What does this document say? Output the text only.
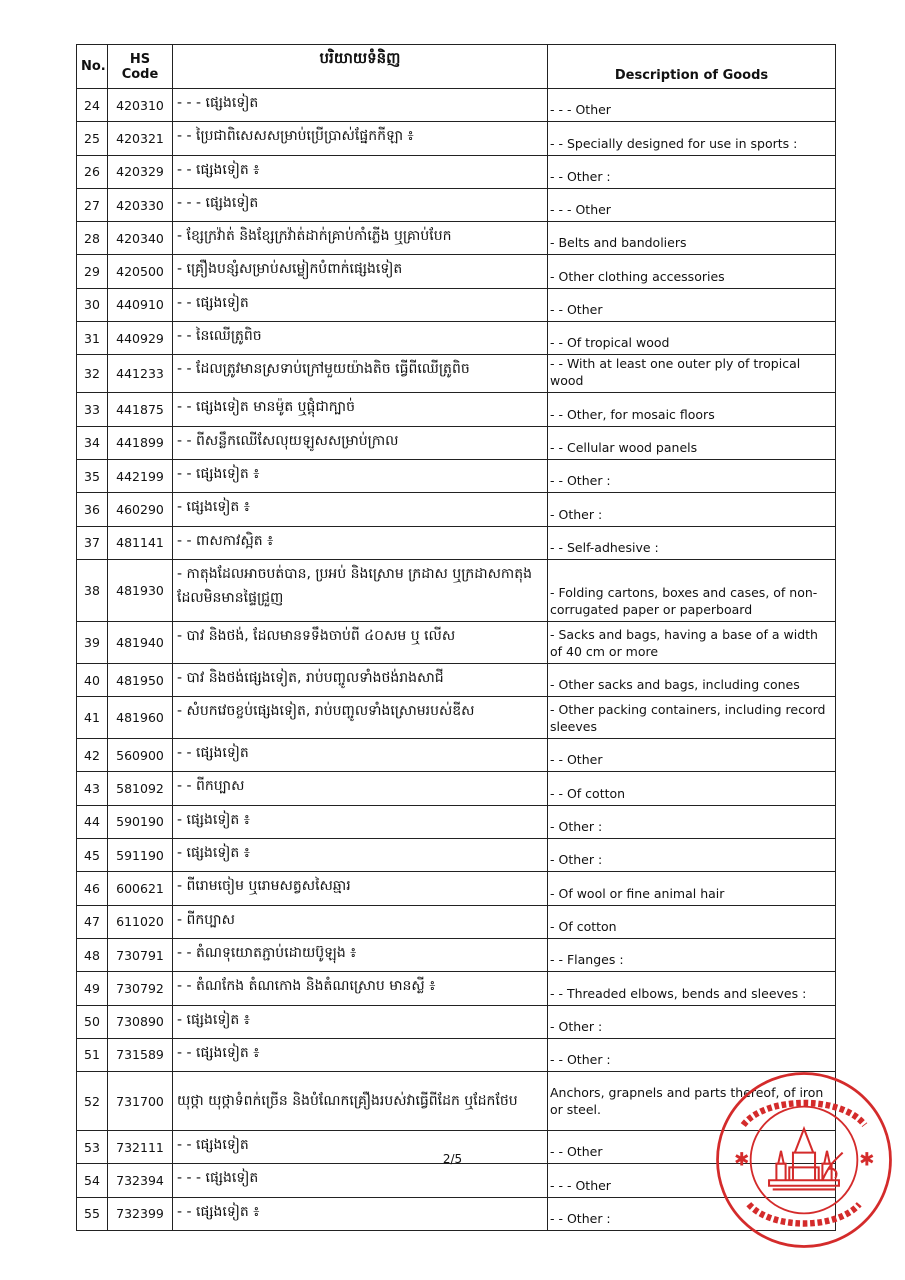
No.	HS Code	បរិយាយទំនិញ	Description of Goods
24	420310	- - - ផ្សេងទៀត	- - - Other
25	420321	- - ប្រៃជាពិសេសសម្រាប់ប្រើប្រាស់ផ្នែកកីឡា ៖	- - Specially designed for use in sports :
26	420329	- - ផ្សេងទៀត ៖	- - Other :
27	420330	- - - ផ្សេងទៀត	- - - Other
28	420340	- ខ្សែក្រវ៉ាត់ និងខ្សែក្រវ៉ាត់ដាក់គ្រាប់កាំភ្លើង ឬគ្រាប់បែក	- Belts and bandoliers
29	420500	- គ្រឿងបន្សំសម្រាប់សម្លៀកបំពាក់ផ្សេងទៀត	- Other clothing accessories
30	440910	- - ផ្សេងទៀត	- - Other
31	440929	- - នៃឈើត្រូពិច	- - Of tropical wood
32	441233	- - ដែលត្រូវមានស្រទាប់ក្រៅមួយយ៉ាងតិច ធ្វើពីឈើត្រូពិច	- - With at least one outer ply of tropical wood
33	441875	- - ផ្សេងទៀត មានម៉ូត ឬផ្តុំជាក្បាច់	- - Other, for mosaic floors
34	441899	- - ពីសន្លឹកឈើសែលុយឡូសសម្រាប់ក្រាល	- - Cellular wood panels
35	442199	- - ផ្សេងទៀត ៖	- - Other :
36	460290	- ផ្សេងទៀត ៖	- Other :
37	481141	- - ពាសកាវស្អិត ៖	- - Self-adhesive :
38	481930	- កាតុងដែលអាចបត់បាន, ប្រអប់ និងស្រោម ក្រដាស ឬក្រដាសកាតុងដែលមិនមានផ្ទៃជ្រួញ	- Folding cartons, boxes and cases, of non-corrugated paper or paperboard
39	481940	- បាវ និងថង់, ដែលមានទទឹងចាប់ពី ៤០សម ឬ លើស	- Sacks and bags, having a base of a width of 40 cm or more
40	481950	- បាវ និងថង់ផ្សេងទៀត, រាប់បញ្ចូលទាំងថង់រាងសាជី	- Other sacks and bags, including cones
41	481960	- សំបកវេចខ្ចប់ផ្សេងទៀត, រាប់បញ្ចូលទាំងស្រោមរបស់ឌីស	- Other packing containers, including record sleeves
42	560900	- - ផ្សេងទៀត	- - Other
43	581092	- - ពីកប្បាស	- - Of cotton
44	590190	- ផ្សេងទៀត ៖	- Other :
45	591190	- ផ្សេងទៀត ៖	- Other :
46	600621	- ពីរោមចៀម ឬរោមសត្វសសៃឆ្មារ	- Of wool or fine animal hair
47	611020	- ពីកប្បាស	- Of cotton
48	730791	- - តំណទុយោតភ្ជាប់ដោយប៊ូឡុង ៖	- - Flanges :
49	730792	- - តំណកែង តំណកោង និងតំណស្រោប មានស្លី ៖	- - Threaded elbows, bends and sleeves :
50	730890	- ផ្សេងទៀត ៖	- Other :
51	731589	- - ផ្សេងទៀត ៖	- - Other :
52	731700	យុថ្កា យុថ្កាទំពក់ច្រើន និងបំណែកគ្រឿងរបស់វាធ្វើពីដែក ឬដែកថែប	Anchors, grapnels and parts thereof, of iron or steel.
53	732111	- - ផ្សេងទៀត	- - Other
54	732394	- - - ផ្សេងទៀត	- - - Other
55	732399	- - ផ្សេងទៀត ៖	- - Other :
2/5	✱	✱
